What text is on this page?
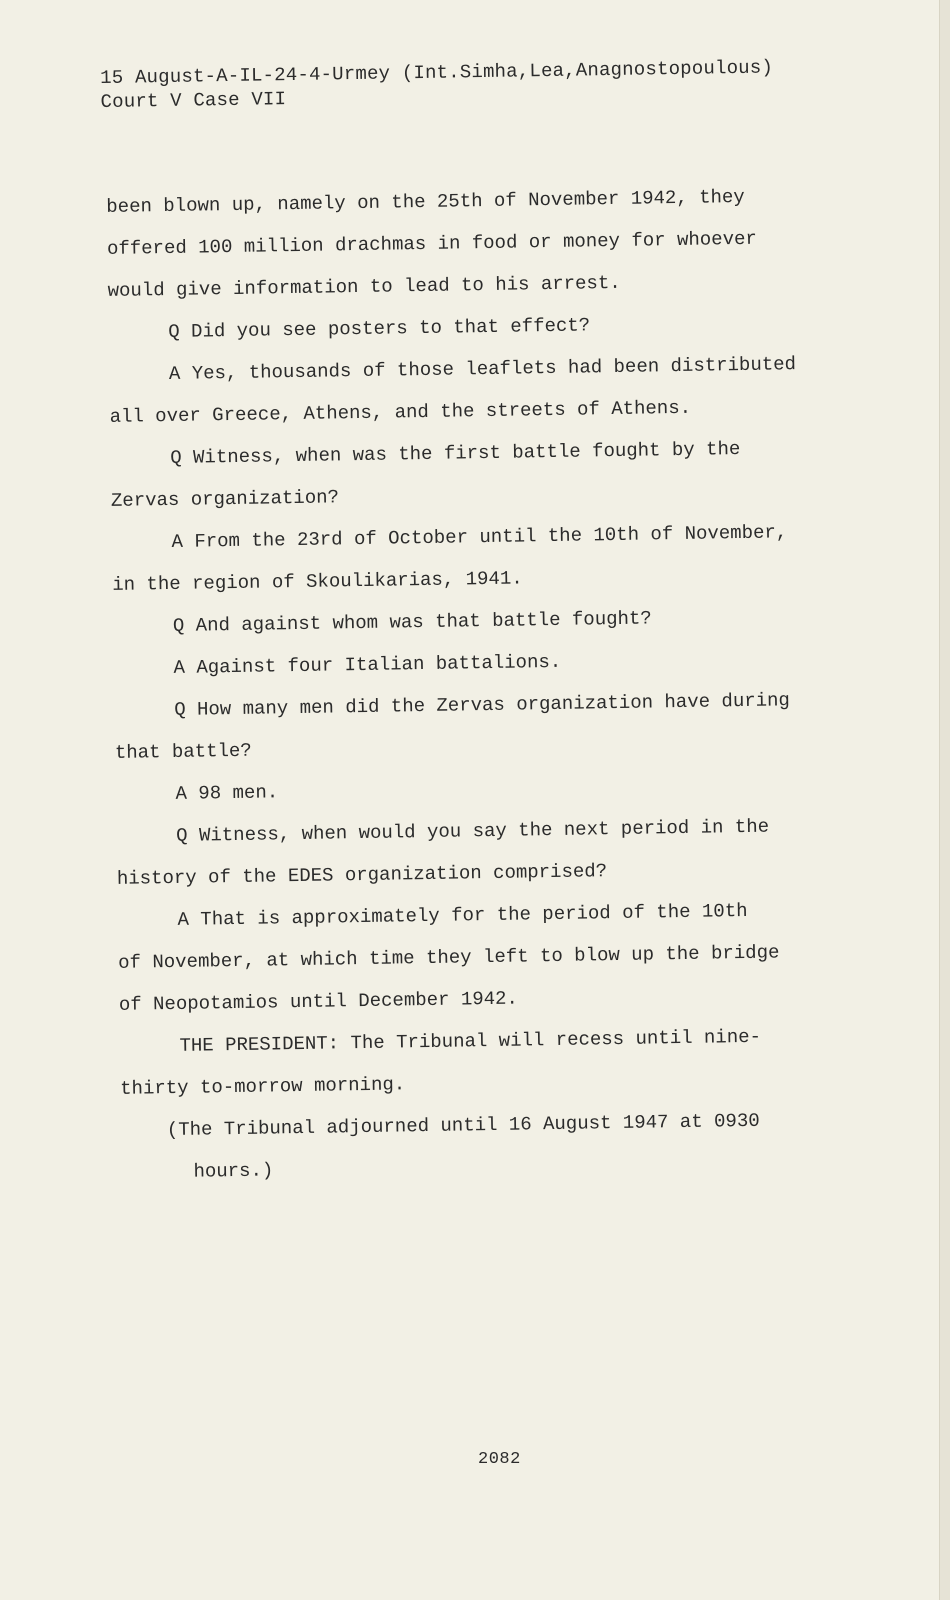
15 August-A-IL-24-4-Urmey (Int.Simha,Lea,Anagnostopoulous)
Court V Case VII

been blown up, namely on the 25th of November 1942, they

offered 100 million drachmas in food or money for whoever

would give information to lead to his arrest.

Q Did you see posters to that effect?

A Yes, thousands of those leaflets had been distributed

all over Greece, Athens, and the streets of Athens.

Q Witness, when was the first battle fought by the

Zervas organization?

A From the 23rd of October until the 10th of November,

in the region of Skoulikarias, 1941.

Q And against whom was that battle fought?

A Against four Italian battalions.

Q How many men did the Zervas organization have during

that battle?

A 98 men.

Q Witness, when would you say the next period in the

history of the EDES organization comprised?

A That is approximately for the period of the 10th

of November, at which time they left to blow up the bridge

of Neopotamios until December 1942.

THE PRESIDENT: The Tribunal will recess until nine-

thirty to-morrow morning.

(The Tribunal adjourned until 16 August 1947 at 0930

hours.)

2082
